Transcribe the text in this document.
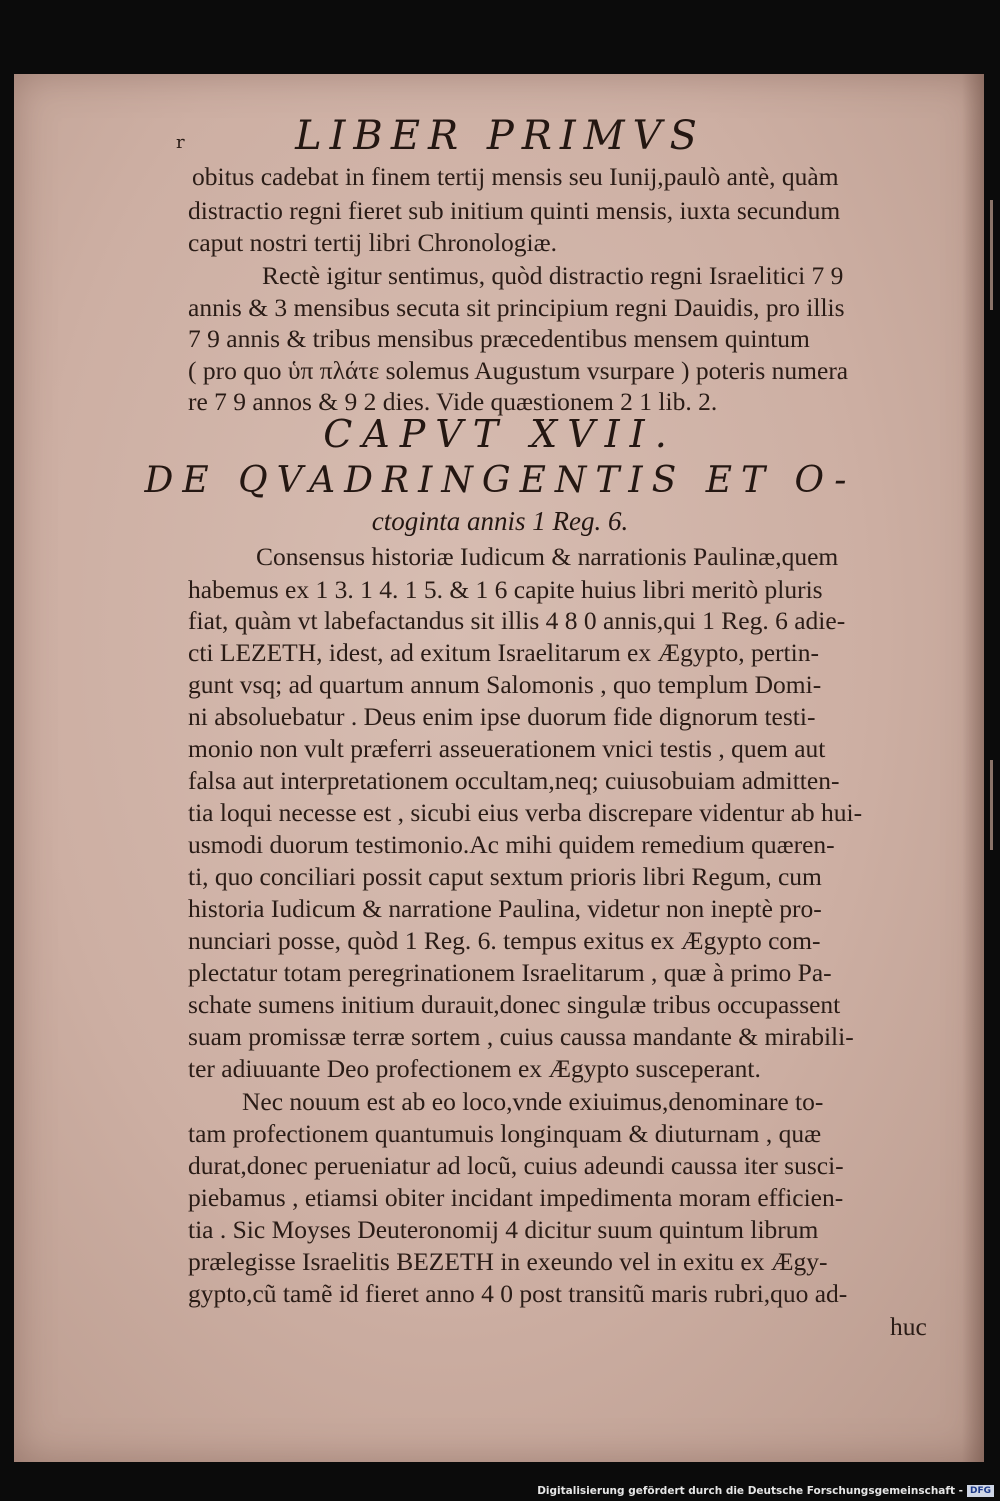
r	LIBER PRIMVS
obitus cadebat in finem tertij mensis seu Iunij,paulò antè, quàm
distractio regni fieret sub initium quinti mensis, iuxta secundum
caput nostri tertij libri Chronologiæ.
Rectè igitur sentimus, quòd distractio regni Israelitici 7 9
annis & 3 mensibus secuta sit principium regni Dauidis, pro illis
7 9 annis & tribus mensibus præcedentibus mensem quintum
( pro quo ὑπ πλάτε solemus Augustum vsurpare ) poteris numera
re 7 9 annos & 9 2 dies. Vide quæstionem 2 1 lib. 2.
CAPVT XVII.
DE QVADRINGENTIS ET O-
ctoginta annis 1 Reg. 6.
Consensus historiæ Iudicum & narrationis Paulinæ,quem
habemus ex 1 3. 1 4. 1 5. & 1 6 capite huius libri meritò pluris
fiat, quàm vt labefactandus sit illis 4 8 0 annis,qui 1 Reg. 6 adie-
cti LEZETH, idest, ad exitum Israelitarum ex Ægypto, pertin-
gunt vsq; ad quartum annum Salomonis , quo templum Domi-
ni absoluebatur . Deus enim ipse duorum fide dignorum testi-
monio non vult præferri asseuerationem vnici testis , quem aut
falsa aut interpretationem occultam,neq; cuiusobuiam admitten-
tia loqui necesse est , sicubi eius verba discrepare videntur ab hui-
usmodi duorum testimonio.Ac mihi quidem remedium quæren-
ti, quo conciliari possit caput sextum prioris libri Regum, cum
historia Iudicum & narratione Paulina, videtur non ineptè pro-
nunciari posse, quòd 1 Reg. 6. tempus exitus ex Ægypto com-
plectatur totam peregrinationem Israelitarum , quæ à primo Pa-
schate sumens initium durauit,donec singulæ tribus occupassent
suam promissæ terræ sortem , cuius caussa mandante & mirabili-
ter adiuuante Deo profectionem ex Ægypto susceperant.
Nec nouum est ab eo loco,vnde exiuimus,denominare to-
tam profectionem quantumuis longinquam & diuturnam , quæ
durat,donec perueniatur ad locũ, cuius adeundi caussa iter susci-
piebamus , etiamsi obiter incidant impedimenta moram efficien-
tia . Sic Moyses Deuteronomij 4 dicitur suum quintum librum
prælegisse Israelitis BEZETH in exeundo vel in exitu ex Ægy-
gypto,cũ tamẽ id fieret anno 4 0 post transitũ maris rubri,quo ad-
huc
Digitalisierung gefördert durch die Deutsche Forschungsgemeinschaft - DFG
